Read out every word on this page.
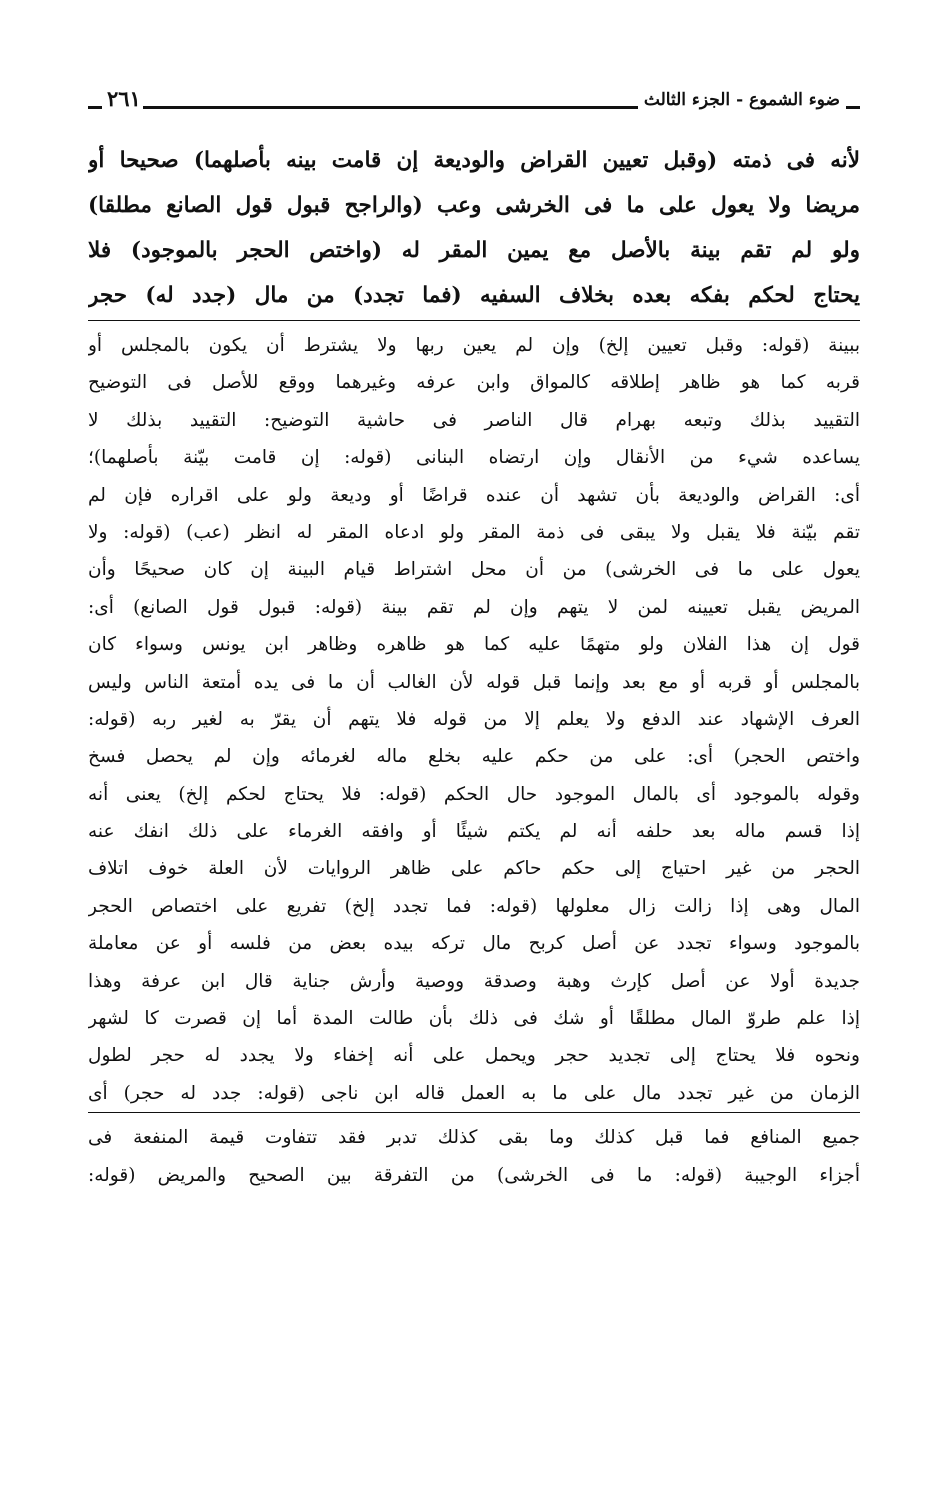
ضوء الشموع - الجزء الثالث
٢٦١
لأنه فى ذمته (وقبل تعيين القراض والوديعة إن قامت بينه بأصلهما) صحيحا أو
مريضا ولا يعول على ما فى الخرشى وعب (والراجح قبول قول الصانع مطلقا)
ولو لم تقم بينة بالأصل مع يمين المقر له (واختص الحجر بالموجود) فلا
يحتاج لحكم بفكه بعده بخلاف السفيه (فما تجدد) من مال (جدد له) حجر
ببينة (قوله: وقبل تعيين إلخ) وإن لم يعين ربها ولا يشترط أن يكون بالمجلس أو
قربه كما هو ظاهر إطلاقه كالمواق وابن عرفه وغيرهما ووقع للأصل فى التوضيح
التقييد بذلك وتبعه بهرام قال الناصر فى حاشية التوضيح: التقييد بذلك لا
يساعده شيء من الأنقال وإن ارتضاه البنانى (قوله: إن قامت بيّنة بأصلهما)؛
أى: القراض والوديعة بأن تشهد أن عنده قراضًا أو وديعة ولو على اقراره فإن لم
تقم بيّنة فلا يقبل ولا يبقى فى ذمة المقر ولو ادعاه المقر له انظر (عب) (قوله: ولا
يعول على ما فى الخرشى) من أن محل اشتراط قيام البينة إن كان صحيحًا وأن
المريض يقبل تعيينه لمن لا يتهم وإن لم تقم بينة (قوله: قبول قول الصانع) أى:
قول إن هذا الفلان ولو متهمًا عليه كما هو ظاهره وظاهر ابن يونس وسواء كان
بالمجلس أو قربه أو مع بعد وإنما قبل قوله لأن الغالب أن ما فى يده أمتعة الناس وليس
العرف الإشهاد عند الدفع ولا يعلم إلا من قوله فلا يتهم أن يقرّ به لغير ربه (قوله:
واختص الحجر) أى: على من حكم عليه بخلع ماله لغرمائه وإن لم يحصل فسخ
وقوله بالموجود أى بالمال الموجود حال الحكم (قوله: فلا يحتاج لحكم إلخ) يعنى أنه
إذا قسم ماله بعد حلفه أنه لم يكتم شيئًا أو وافقه الغرماء على ذلك انفك عنه
الحجر من غير احتياج إلى حكم حاكم على ظاهر الروايات لأن العلة خوف اتلاف
المال وهى إذا زالت زال معلولها (قوله: فما تجدد إلخ) تفريع على اختصاص الحجر
بالموجود وسواء تجدد عن أصل كربح مال تركه بيده بعض من فلسه أو عن معاملة
جديدة أولا عن أصل كإرث وهبة وصدقة ووصية وأرش جناية قال ابن عرفة وهذا
إذا علم طروّ المال مطلقًا أو شك فى ذلك بأن طالت المدة أما إن قصرت كا لشهر
ونحوه فلا يحتاج إلى تجديد حجر ويحمل على أنه إخفاء ولا يجدد له حجر لطول
الزمان من غير تجدد مال على ما به العمل قاله ابن ناجى (قوله: جدد له حجر) أى
جميع المنافع فما قبل كذلك وما بقى كذلك تدبر فقد تتفاوت قيمة المنفعة فى
أجزاء الوجيبة (قوله: ما فى الخرشى) من التفرقة بين الصحيح والمريض (قوله:
